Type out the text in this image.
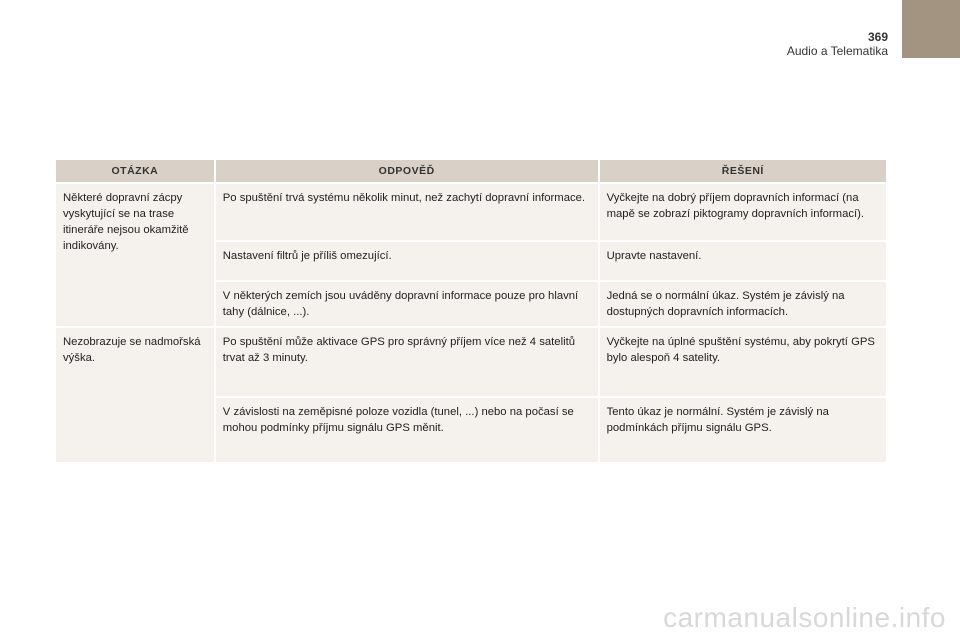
369
Audio a Telematika
OTÁZKA	ODPOVĚĎ	ŘEŠENÍ
Některé dopravní zácpy vyskytující se na trase itineráře nejsou okamžitě indikovány.	Po spuštění trvá systému několik minut, než zachytí dopravní informace.	Vyčkejte na dobrý příjem dopravních informací (na mapě se zobrazí piktogramy dopravních informací).
	Nastavení filtrů je příliš omezující.	Upravte nastavení.
	V některých zemích jsou uváděny dopravní informace pouze pro hlavní tahy (dálnice, ...).	Jedná se o normální úkaz. Systém je závislý na dostupných dopravních informacích.
Nezobrazuje se nadmořská výška.	Po spuštění může aktivace GPS pro správný příjem více než 4 satelitů trvat až 3 minuty.	Vyčkejte na úplné spuštění systému, aby pokrytí GPS bylo alespoň 4 satelity.
	V závislosti na zeměpisné poloze vozidla (tunel, ...) nebo na počasí se mohou podmínky příjmu signálu GPS měnit.	Tento úkaz je normální. Systém je závislý na podmínkách příjmu signálu GPS.
carmanualsonline.info
